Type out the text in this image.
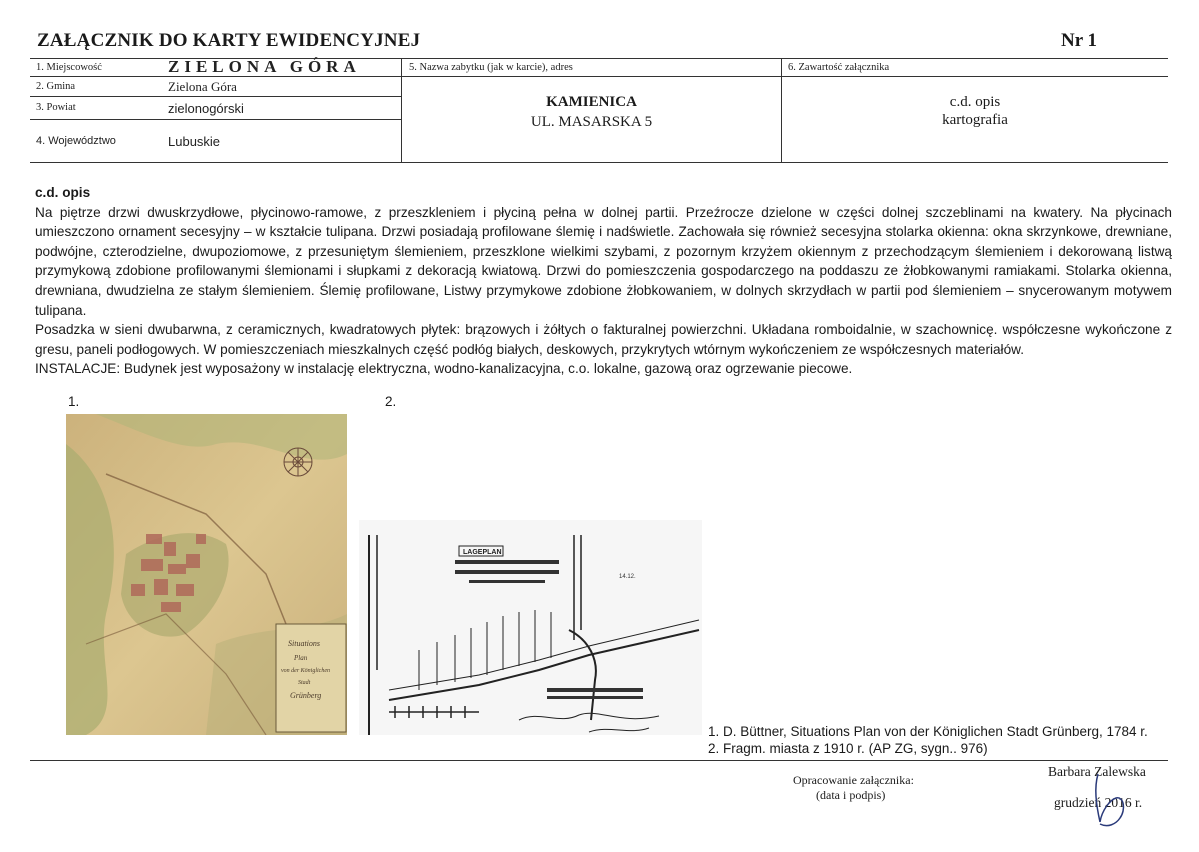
ZAŁĄCZNIK DO KARTY EWIDENCYJNEJ	Nr 1
1. Miejscowość	ZIELONA GÓRA
2. Gmina	Zielona Góra
3. Powiat	zielonogórski
4. Województwo	Lubuskie
5. Nazwa zabytku (jak w karcie), adres
KAMIENICA
UL. MASARSKA 5
6. Zawartość załącznika
c.d. opis
kartografia

c.d. opis

Na piętrze drzwi dwuskrzydłowe, płycinowo-ramowe, z przeszkleniem i płyciną pełna w dolnej partii. Przeźrocze dzielone w części dolnej szczeblinami na kwatery. Na płycinach umieszczono ornament secesyjny – w kształcie tulipana. Drzwi posiadają profilowane ślemię i nadświetle. Zachowała się również secesyjna stolarka okienna: okna skrzynkowe, drewniane, podwójne, czterodzielne, dwupoziomowe, z przesuniętym ślemieniem, przeszklone wielkimi szybami, z pozornym krzyżem okiennym z przechodzącym ślemieniem i dekorowaną listwą przymykową zdobione profilowanymi ślemionami i słupkami z dekoracją kwiatową. Drzwi do pomieszczenia gospodarczego na poddaszu ze żłobkowanymi ramiakami. Stolarka okienna, drewniana, dwudzielna ze stałym ślemieniem. Ślemię profilowane, Listwy przymykowe zdobione żłobkowaniem, w dolnych skrzydłach w partii pod ślemieniem – snycerowanym motywem tulipana.

Posadzka w sieni dwubarwna, z ceramicznych, kwadratowych płytek: brązowych i żółtych o fakturalnej powierzchni. Układana romboidalnie, w szachownicę. współczesne wykończone z gresu, paneli podłogowych. W pomieszczeniach mieszkalnych część podłóg białych, deskowych, przykrytych wtórnym wykończeniem ze współczesnych materiałów.

INSTALACJE: Budynek jest wyposażony w instalację elektryczna, wodno-kanalizacyjna, c.o. lokalne, gazową oraz ogrzewanie piecowe.

1.	2.
Situations
Plan
von der Königlichen
Stadt
Grünberg
LAGEPLAN
14.12.
1. D. Büttner, Situations Plan von der Königlichen Stadt Grünberg, 1784 r.
2. Fragm. miasta z 1910 r. (AP ZG, sygn.. 976)
Opracowanie załącznika:
(data i podpis)
Barbara Zalewska
grudzień 2016 r.
